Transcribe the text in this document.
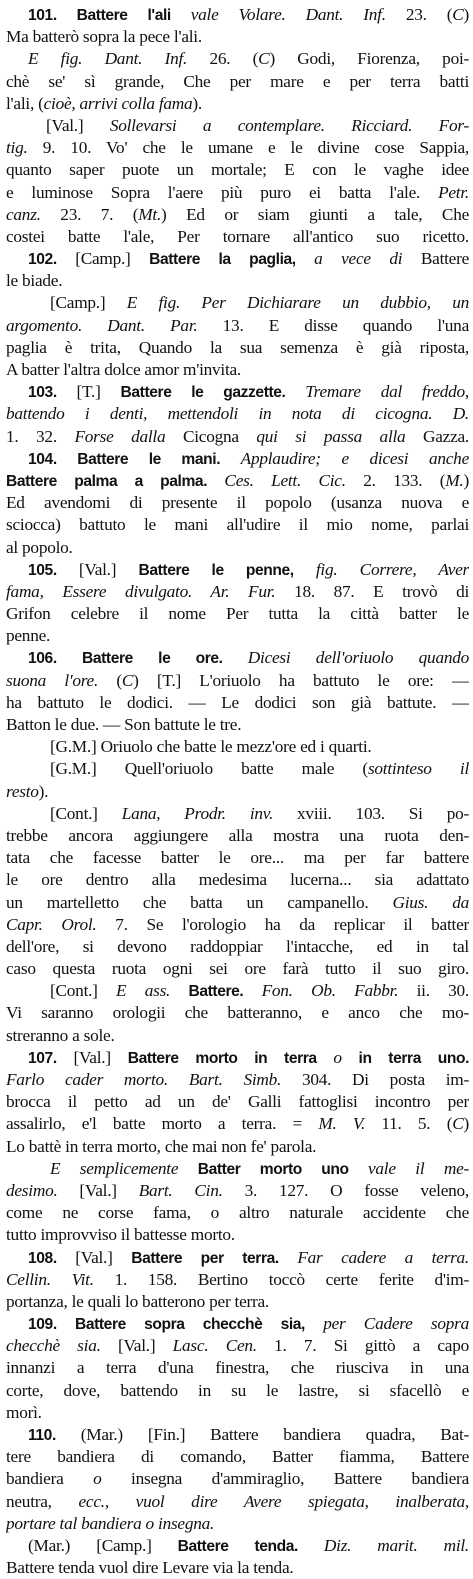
101. Battere l'ali vale Volare. Dant. Inf. 23. (C)
Ma batterò sopra la pece l'ali.
E fig. Dant. Inf. 26. (C) Godi, Fiorenza, poi-
chè se' sì grande, Che per mare e per terra batti
l'ali, (cioè, arrivi colla fama).
[Val.] Sollevarsi a contemplare. Ricciard. For-
tig. 9. 10. Vo' che le umane e le divine cose Sappia,
quanto saper puote un mortale; E con le vaghe idee
e luminose Sopra l'aere più puro ei batta l'ale. Petr.
canz. 23. 7. (Mt.) Ed or siam giunti a tale, Che
costei batte l'ale, Per tornare all'antico suo ricetto.
102. [Camp.] Battere la paglia, a vece di Battere
le biade.
[Camp.] E fig. Per Dichiarare un dubbio, un
argomento. Dant. Par. 13. E disse quando l'una
paglia è trita, Quando la sua semenza è già riposta,
A batter l'altra dolce amor m'invita.
103. [T.] Battere le gazzette. Tremare dal freddo,
battendo i denti, mettendoli in nota di cicogna. D.
1. 32. Forse dalla Cicogna qui si passa alla Gazza.
104. Battere le mani. Applaudire; e dicesi anche
Battere palma a palma. Ces. Lett. Cic. 2. 133. (M.)
Ed avendomi di presente il popolo (usanza nuova e
sciocca) battuto le mani all'udire il mio nome, parlai
al popolo.
105. [Val.] Battere le penne, fig. Correre, Aver
fama, Essere divulgato. Ar. Fur. 18. 87. E trovò di
Grifon celebre il nome Per tutta la città batter le
penne.
106. Battere le ore. Dicesi dell'oriuolo quando
suona l'ore. (C) [T.] L'oriuolo ha battuto le ore: —
ha battuto le dodici. — Le dodici son già battute. —
Batton le due. — Son battute le tre.
[G.M.] Oriuolo che batte le mezz'ore ed i quarti.
[G.M.] Quell'oriuolo batte male (sottinteso il
resto).
[Cont.] Lana, Prodr. inv. xviii. 103. Si po-
trebbe ancora aggiungere alla mostra una ruota den-
tata che facesse batter le ore... ma per far battere
le ore dentro alla medesima lucerna... sia adattato
un martelletto che batta un campanello. Gius. da
Capr. Orol. 7. Se l'orologio ha da replicar il batter
dell'ore, si devono raddoppiar l'intacche, ed in tal
caso questa ruota ogni sei ore farà tutto il suo giro.
[Cont.] E ass. Battere. Fon. Ob. Fabbr. ii. 30.
Vi saranno orologii che batteranno, e anco che mo-
streranno a sole.
107. [Val.] Battere morto in terra o in terra uno.
Farlo cader morto. Bart. Simb. 304. Di posta im-
brocca il petto ad un de' Galli fattoglisi incontro per
assalirlo, e'l batte morto a terra. = M. V. 11. 5. (C)
Lo battè in terra morto, che mai non fe' parola.
E semplicemente Batter morto uno vale il me-
desimo. [Val.] Bart. Cin. 3. 127. O fosse veleno,
come ne corse fama, o altro naturale accidente che
tutto improvviso il battesse morto.
108. [Val.] Battere per terra. Far cadere a terra.
Cellin. Vit. 1. 158. Bertino toccò certe ferite d'im-
portanza, le quali lo batterono per terra.
109. Battere sopra checchè sia, per Cadere sopra
checchè sia. [Val.] Lasc. Cen. 1. 7. Si gittò a capo
innanzi a terra d'una finestra, che riusciva in una
corte, dove, battendo in su le lastre, si sfacellò e
morì.
110. (Mar.) [Fin.] Battere bandiera quadra, Bat-
tere bandiera di comando, Batter fiamma, Battere
bandiera o insegna d'ammiraglio, Battere bandiera
neutra, ecc., vuol dire Avere spiegata, inalberata,
portare tal bandiera o insegna.
(Mar.) [Camp.] Battere tenda. Diz. marit. mil.
Battere tenda vuol dire Levare via la tenda.
